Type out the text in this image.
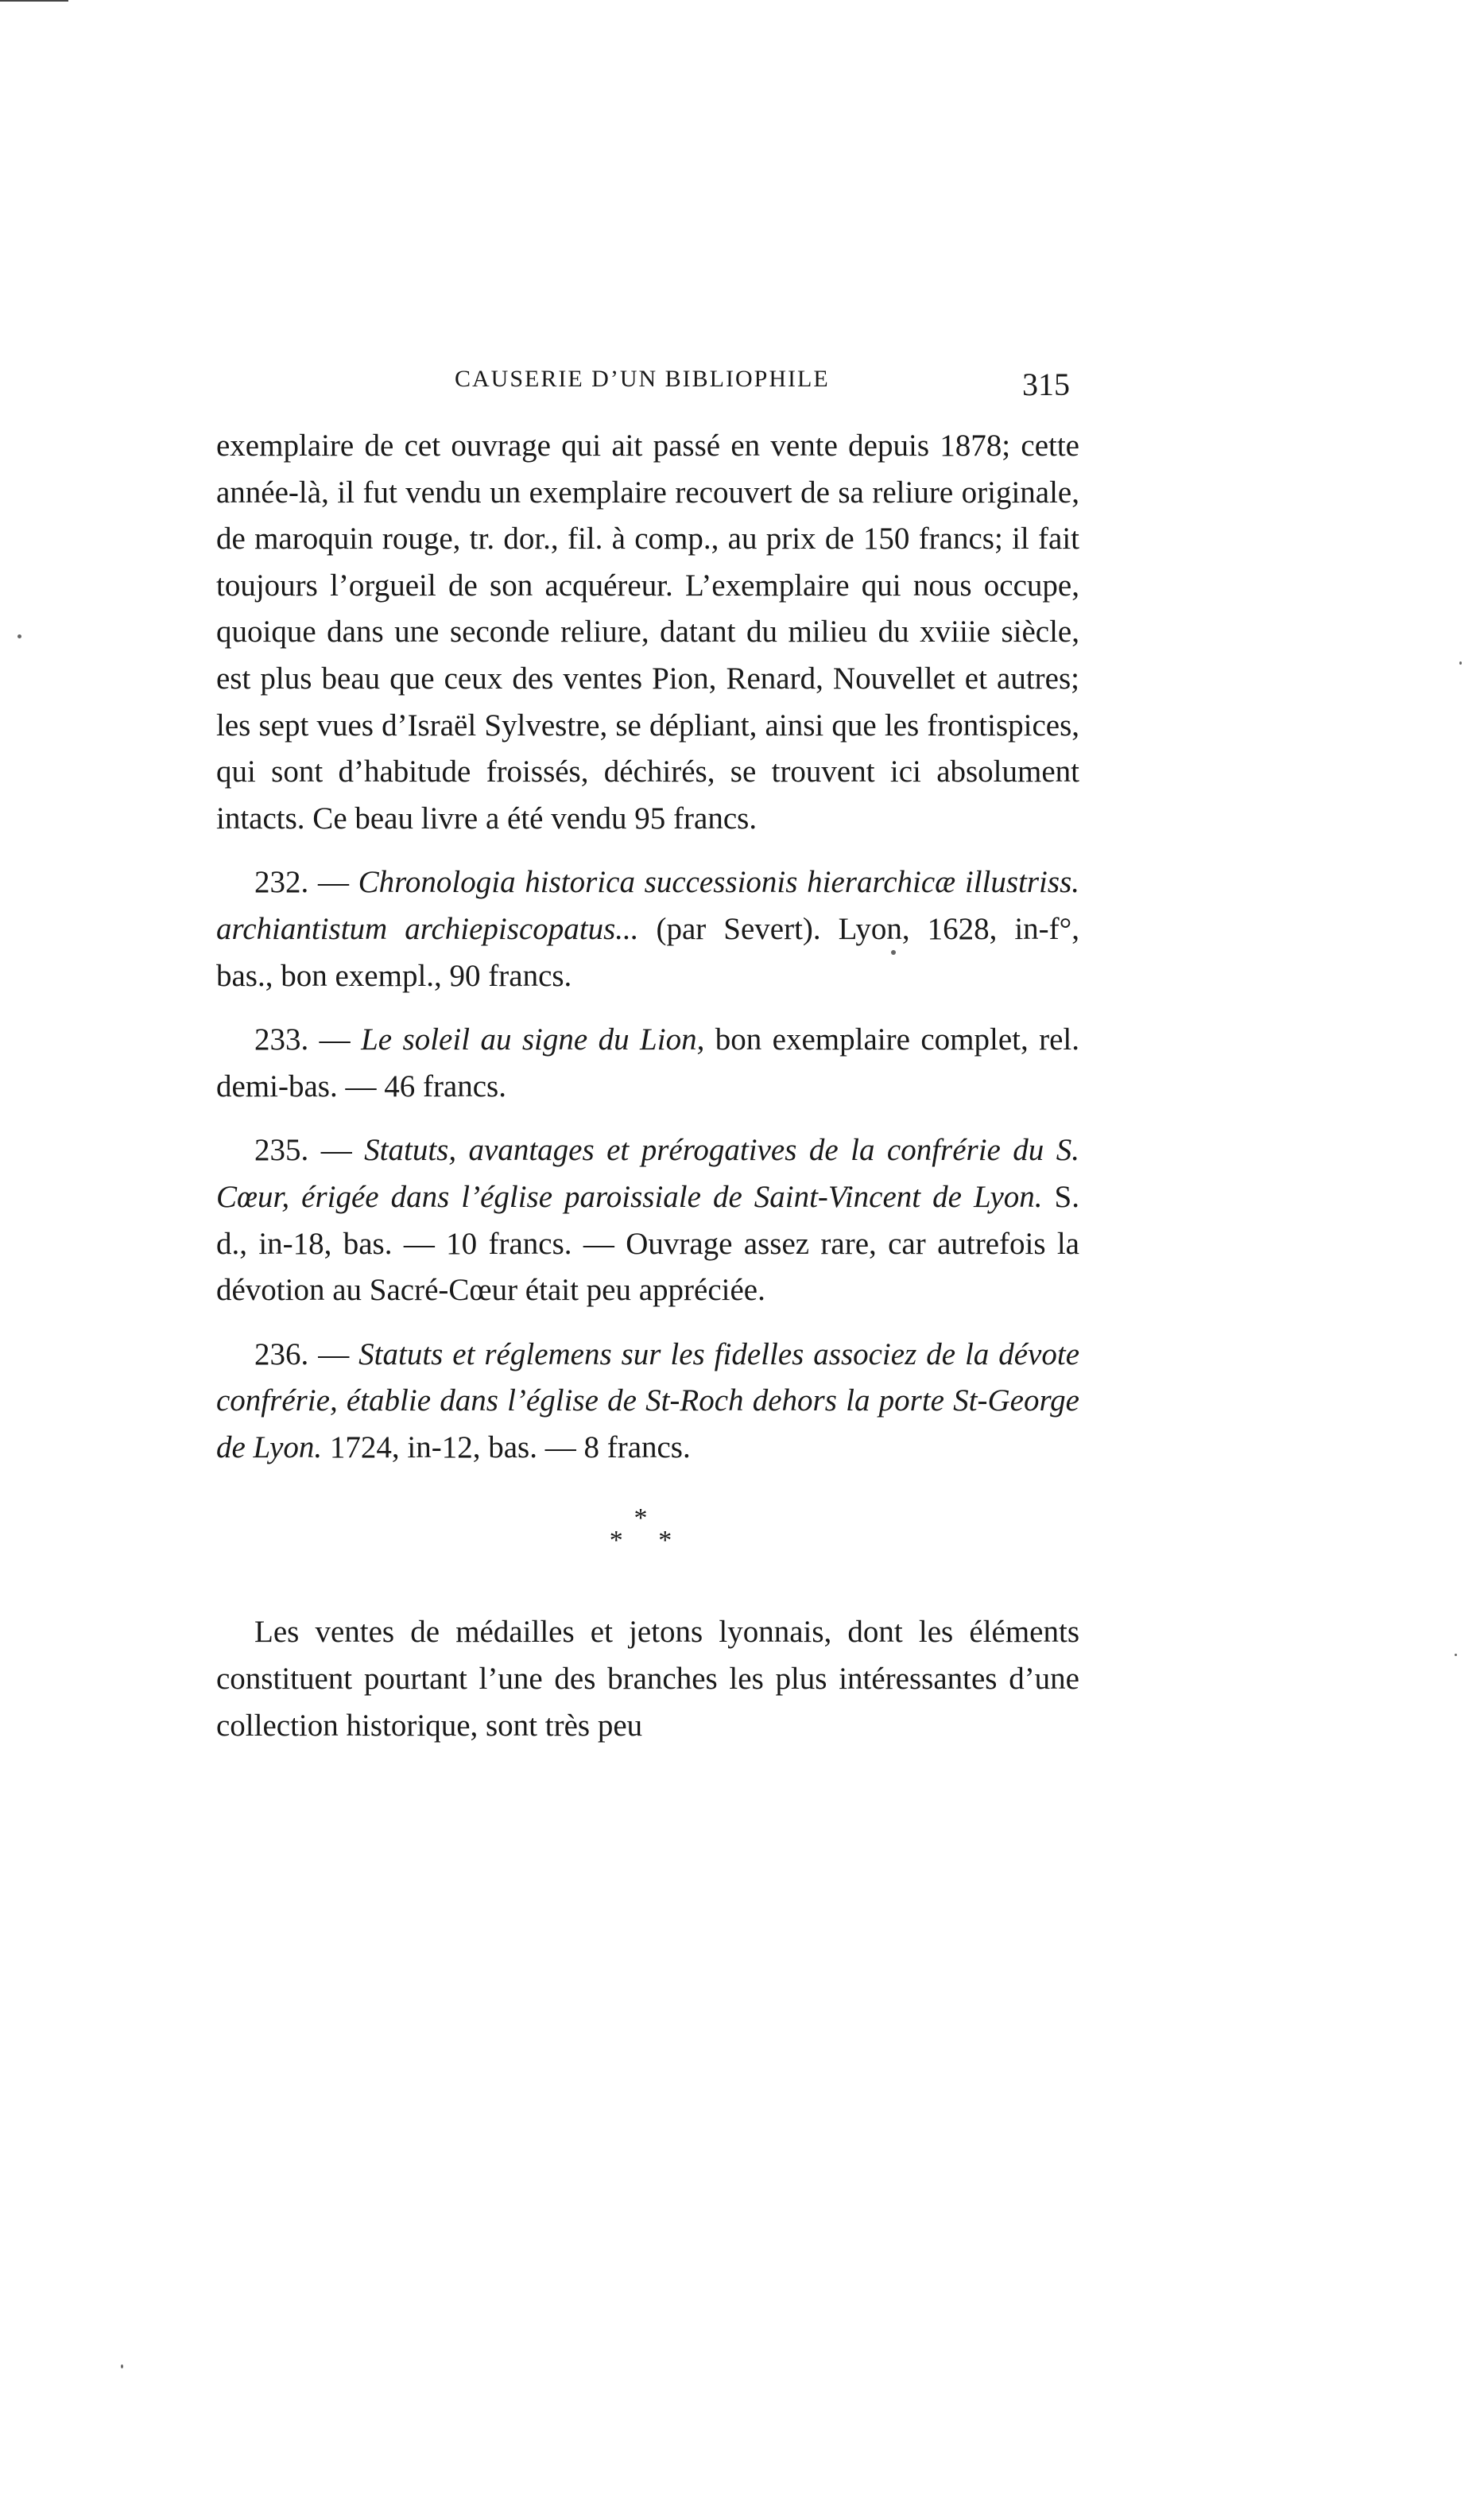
CAUSERIE D’UN BIBLIOPHILE	315

exemplaire de cet ouvrage qui ait passé en vente depuis 1878; cette année-là, il fut vendu un exemplaire recouvert de sa reliure originale, de maroquin rouge, tr. dor., fil. à comp., au prix de 150 francs; il fait toujours l’orgueil de son acquéreur. L’exemplaire qui nous occupe, quoique dans une seconde reliure, datant du milieu du xviiie siècle, est plus beau que ceux des ventes Pion, Renard, Nouvellet et autres; les sept vues d’Israël Sylvestre, se dépliant, ainsi que les frontispices, qui sont d’habitude froissés, déchirés, se trouvent ici absolument intacts. Ce beau livre a été vendu 95 francs.

232. — Chronologia historica successionis hierarchicæ illustriss. archiantistum archiepiscopatus... (par Severt). Lyon, 1628, in-f°, bas., bon exempl., 90 francs.

233. — Le soleil au signe du Lion, bon exemplaire complet, rel. demi-bas. — 46 francs.

235. — Statuts, avantages et prérogatives de la confrérie du S. Cœur, érigée dans l’église paroissiale de Saint-Vincent de Lyon. S. d., in-18, bas. — 10 francs. — Ouvrage assez rare, car autrefois la dévotion au Sacré-Cœur était peu appréciée.

236. — Statuts et réglemens sur les fidelles associez de la dévote confrérie, établie dans l’église de St-Roch dehors la porte St-George de Lyon. 1724, in-12, bas. — 8 francs.

*
* *

Les ventes de médailles et jetons lyonnais, dont les éléments constituent pourtant l’une des branches les plus intéressantes d’une collection historique, sont très peu
